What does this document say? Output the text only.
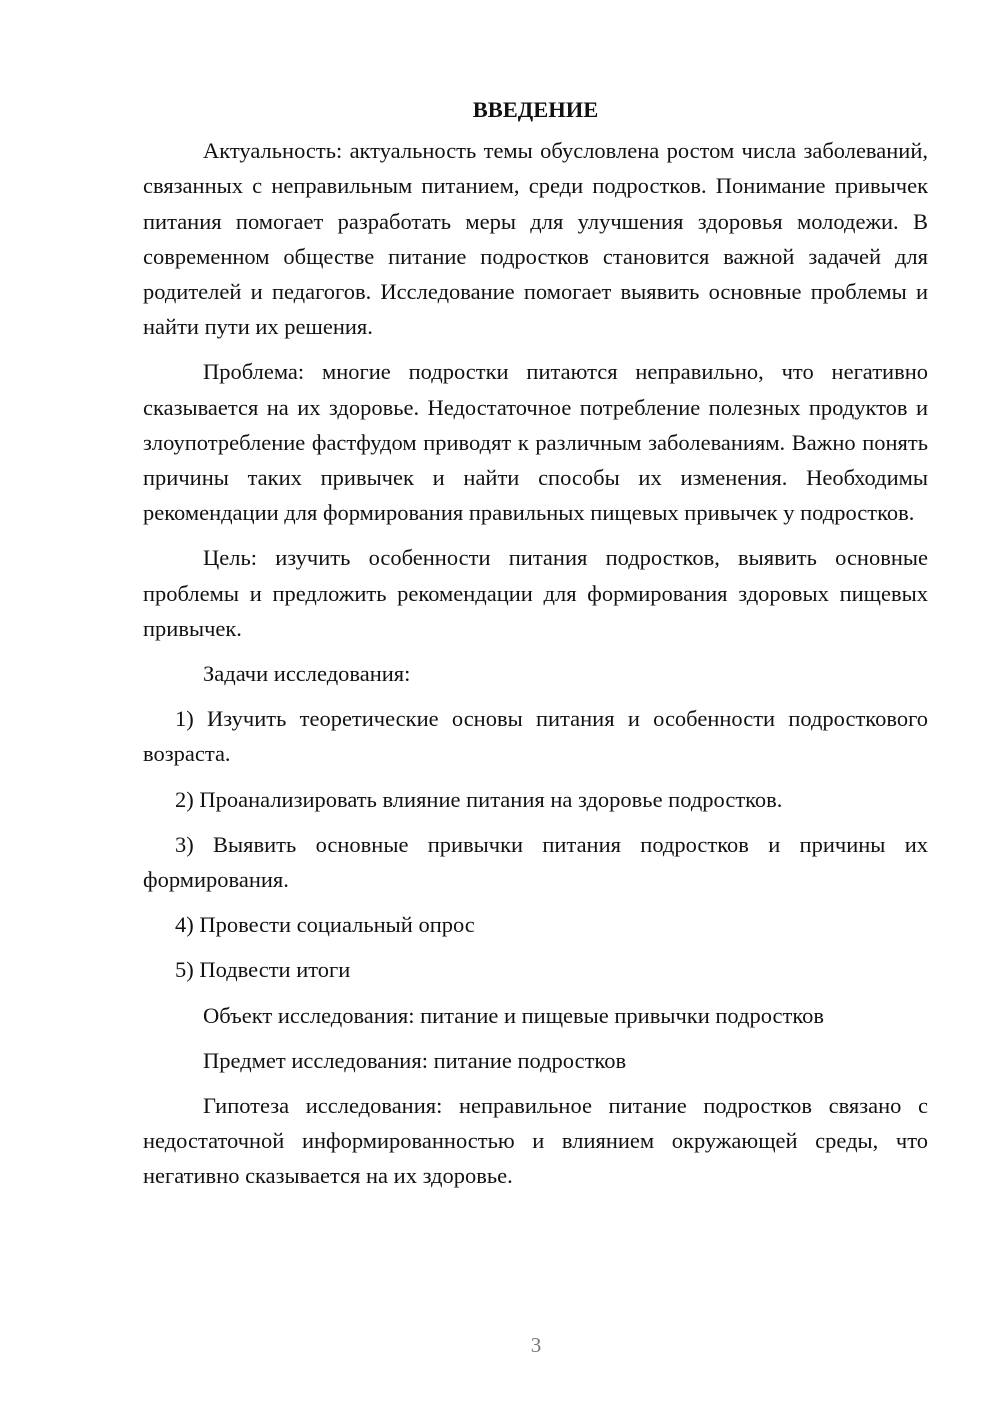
ВВЕДЕНИЕ

Актуальность: актуальность темы обусловлена ростом числа заболеваний, связанных с неправильным питанием, среди подростков. Понимание привычек питания помогает разработать меры для улучшения здоровья молодежи. В современном обществе питание подростков становится важной задачей для родителей и педагогов. Исследование помогает выявить основные проблемы и найти пути их решения.

Проблема: многие подростки питаются неправильно, что негативно сказывается на их здоровье. Недостаточное потребление полезных продуктов и злоупотребление фастфудом приводят к различным заболеваниям. Важно понять причины таких привычек и найти способы их изменения. Необходимы рекомендации для формирования правильных пищевых привычек у подростков.

Цель: изучить особенности питания подростков, выявить основные проблемы и предложить рекомендации для формирования здоровых пищевых привычек.

Задачи исследования:

1) Изучить теоретические основы питания и особенности подросткового возраста.

2) Проанализировать влияние питания на здоровье подростков.

3) Выявить основные привычки питания подростков и причины их формирования.

4) Провести социальный опрос

5) Подвести итоги

Объект исследования: питание и пищевые привычки подростков

Предмет исследования: питание подростков

Гипотеза исследования: неправильное питание подростков связано с недостаточной информированностью и влиянием окружающей среды, что негативно сказывается на их здоровье.

3
